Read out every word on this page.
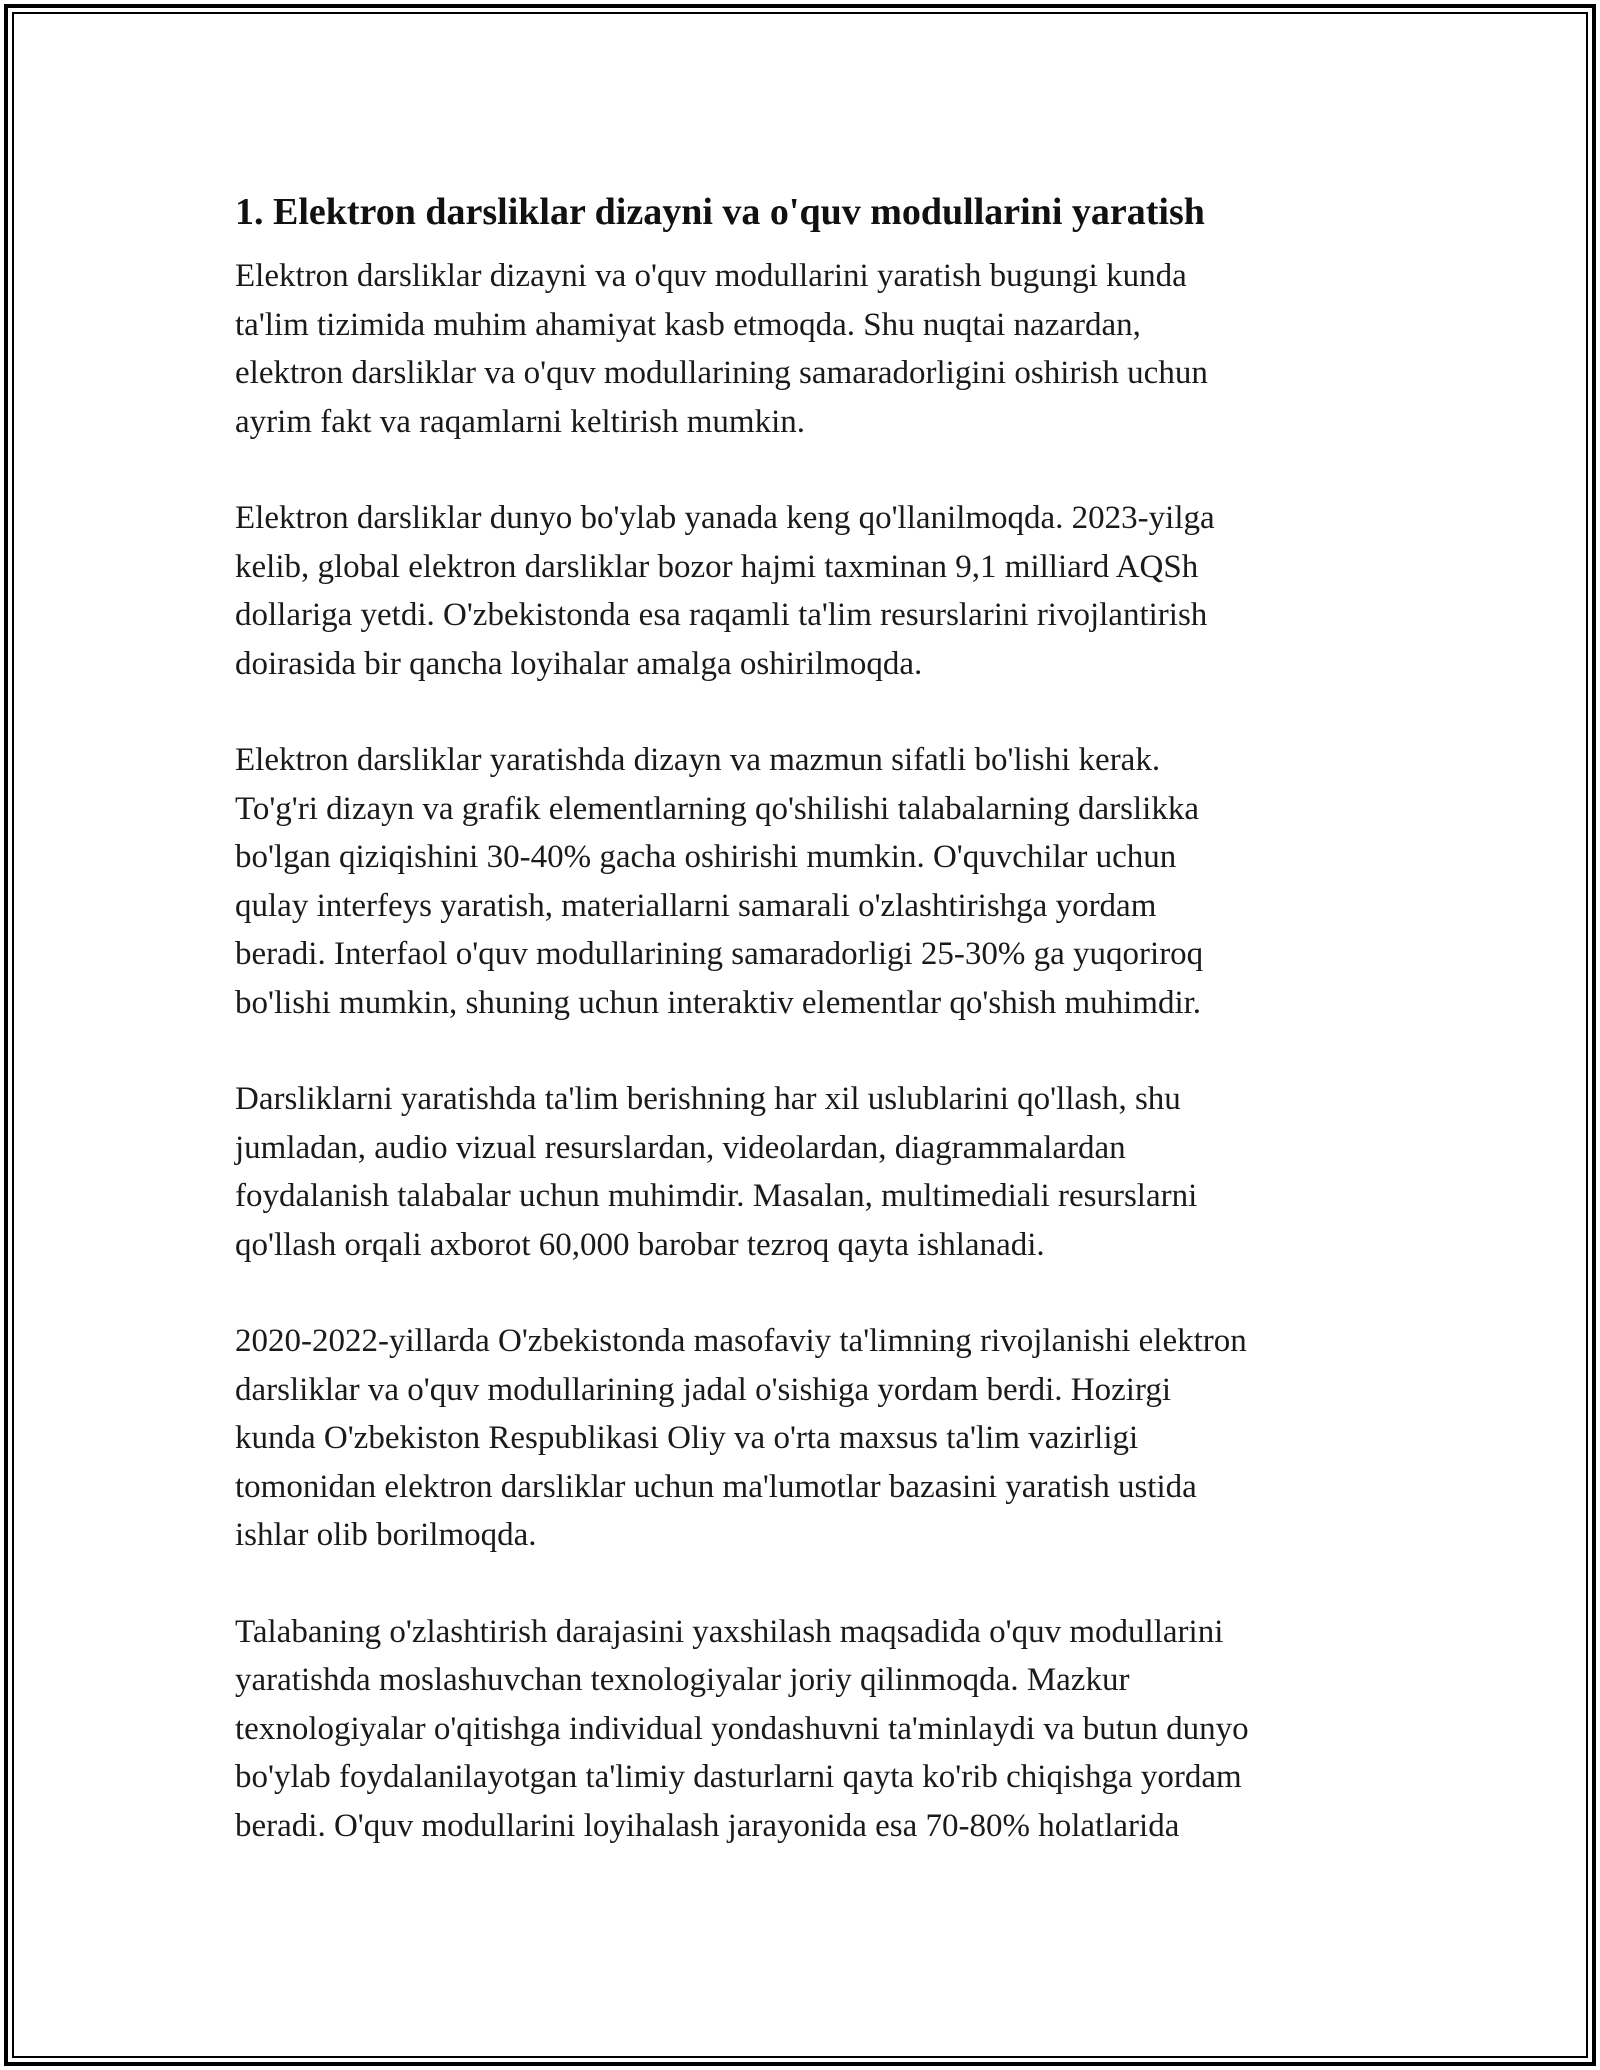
1. Elektron darsliklar dizayni va o'quv modullarini yaratish

Elektron darsliklar dizayni va o'quv modullarini yaratish bugungi kunda
ta'lim tizimida muhim ahamiyat kasb etmoqda. Shu nuqtai nazardan,
elektron darsliklar va o'quv modullarining samaradorligini oshirish uchun
ayrim fakt va raqamlarni keltirish mumkin.

Elektron darsliklar dunyo bo'ylab yanada keng qo'llanilmoqda. 2023-yilga
kelib, global elektron darsliklar bozor hajmi taxminan 9,1 milliard AQSh
dollariga yetdi. O'zbekistonda esa raqamli ta'lim resurslarini rivojlantirish
doirasida bir qancha loyihalar amalga oshirilmoqda.

Elektron darsliklar yaratishda dizayn va mazmun sifatli bo'lishi kerak.
To'g'ri dizayn va grafik elementlarning qo'shilishi talabalarning darslikka
bo'lgan qiziqishini 30-40% gacha oshirishi mumkin. O'quvchilar uchun
qulay interfeys yaratish, materiallarni samarali o'zlashtirishga yordam
beradi. Interfaol o'quv modullarining samaradorligi 25-30% ga yuqoriroq
bo'lishi mumkin, shuning uchun interaktiv elementlar qo'shish muhimdir.

Darsliklarni yaratishda ta'lim berishning har xil uslublarini qo'llash, shu
jumladan, audio vizual resurslardan, videolardan, diagrammalardan
foydalanish talabalar uchun muhimdir. Masalan, multimediali resurslarni
qo'llash orqali axborot 60,000 barobar tezroq qayta ishlanadi.

2020-2022-yillarda O'zbekistonda masofaviy ta'limning rivojlanishi elektron
darsliklar va o'quv modullarining jadal o'sishiga yordam berdi. Hozirgi
kunda O'zbekiston Respublikasi Oliy va o'rta maxsus ta'lim vazirligi
tomonidan elektron darsliklar uchun ma'lumotlar bazasini yaratish ustida
ishlar olib borilmoqda.

Talabaning o'zlashtirish darajasini yaxshilash maqsadida o'quv modullarini
yaratishda moslashuvchan texnologiyalar joriy qilinmoqda. Mazkur
texnologiyalar o'qitishga individual yondashuvni ta'minlaydi va butun dunyo
bo'ylab foydalanilayotgan ta'limiy dasturlarni qayta ko'rib chiqishga yordam
beradi. O'quv modullarini loyihalash jarayonida esa 70-80% holatlarida
